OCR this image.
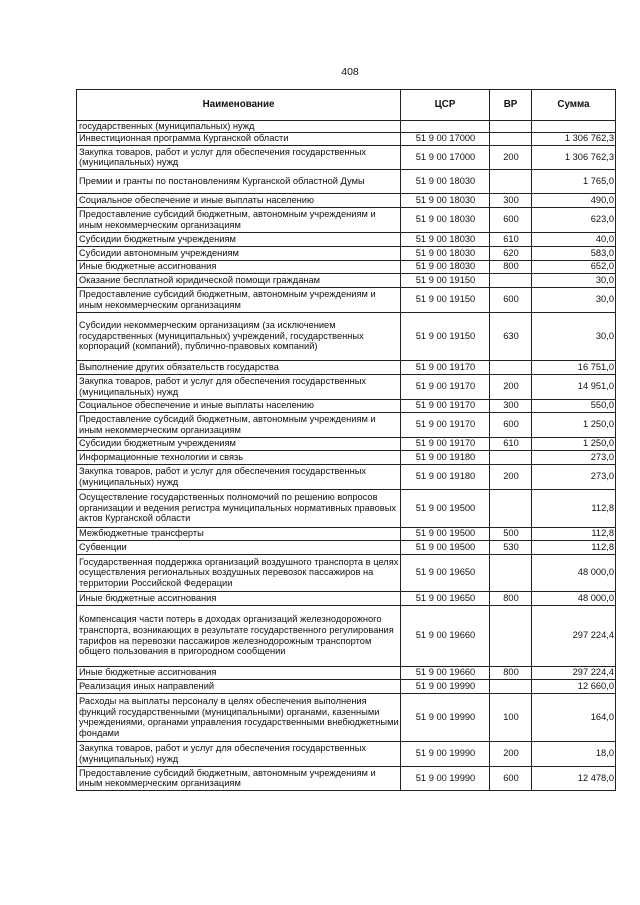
408
Наименование	ЦСР	ВР	Сумма
государственных (муниципальных) нужд			
Инвестиционная программа Курганской области	51 9 00 17000		1 306 762,3
Закупка товаров, работ и услуг для обеспечения государственных (муниципальных) нужд	51 9 00 17000	200	1 306 762,3
Премии и гранты по постановлениям Курганской областной Думы	51 9 00 18030		1 765,0
Социальное обеспечение и иные выплаты населению	51 9 00 18030	300	490,0
Предоставление субсидий бюджетным, автономным учреждениям и иным некоммерческим организациям	51 9 00 18030	600	623,0
Субсидии бюджетным учреждениям	51 9 00 18030	610	40,0
Субсидии автономным учреждениям	51 9 00 18030	620	583,0
Иные бюджетные ассигнования	51 9 00 18030	800	652,0
Оказание бесплатной юридической помощи гражданам	51 9 00 19150		30,0
Предоставление субсидий бюджетным, автономным учреждениям и иным некоммерческим организациям	51 9 00 19150	600	30,0
Субсидии некоммерческим организациям (за исключением государственных (муниципальных) учреждений, государственных корпораций (компаний), публично-правовых компаний)	51 9 00 19150	630	30,0
Выполнение других обязательств государства	51 9 00 19170		16 751,0
Закупка товаров, работ и услуг для обеспечения государственных (муниципальных) нужд	51 9 00 19170	200	14 951,0
Социальное обеспечение и иные выплаты населению	51 9 00 19170	300	550,0
Предоставление субсидий бюджетным, автономным учреждениям и иным некоммерческим организациям	51 9 00 19170	600	1 250,0
Субсидии бюджетным учреждениям	51 9 00 19170	610	1 250,0
Информационные технологии и связь	51 9 00 19180		273,0
Закупка товаров, работ и услуг для обеспечения государственных (муниципальных) нужд	51 9 00 19180	200	273,0
Осуществление государственных полномочий по решению вопросов организации и ведения регистра муниципальных нормативных правовых актов Курганской области	51 9 00 19500		112,8
Межбюджетные трансферты	51 9 00 19500	500	112,8
Субвенции	51 9 00 19500	530	112,8
Государственная поддержка организаций воздушного транспорта в целях осуществления региональных воздушных перевозок пассажиров на территории Российской Федерации	51 9 00 19650		48 000,0
Иные бюджетные ассигнования	51 9 00 19650	800	48 000,0
Компенсация части потерь в доходах организаций железнодорожного транспорта, возникающих в результате государственного регулирования тарифов на перевозки пассажиров железнодорожным транспортом общего пользования в пригородном сообщении	51 9 00 19660		297 224,4
Иные бюджетные ассигнования	51 9 00 19660	800	297 224,4
Реализация иных направлений	51 9 00 19990		12 660,0
Расходы на выплаты персоналу в целях обеспечения выполнения функций государственными (муниципальными) органами, казенными учреждениями, органами управления государственными внебюджетными фондами	51 9 00 19990	100	164,0
Закупка товаров, работ и услуг для обеспечения государственных (муниципальных) нужд	51 9 00 19990	200	18,0
Предоставление субсидий бюджетным, автономным учреждениям и иным некоммерческим организациям	51 9 00 19990	600	12 478,0
